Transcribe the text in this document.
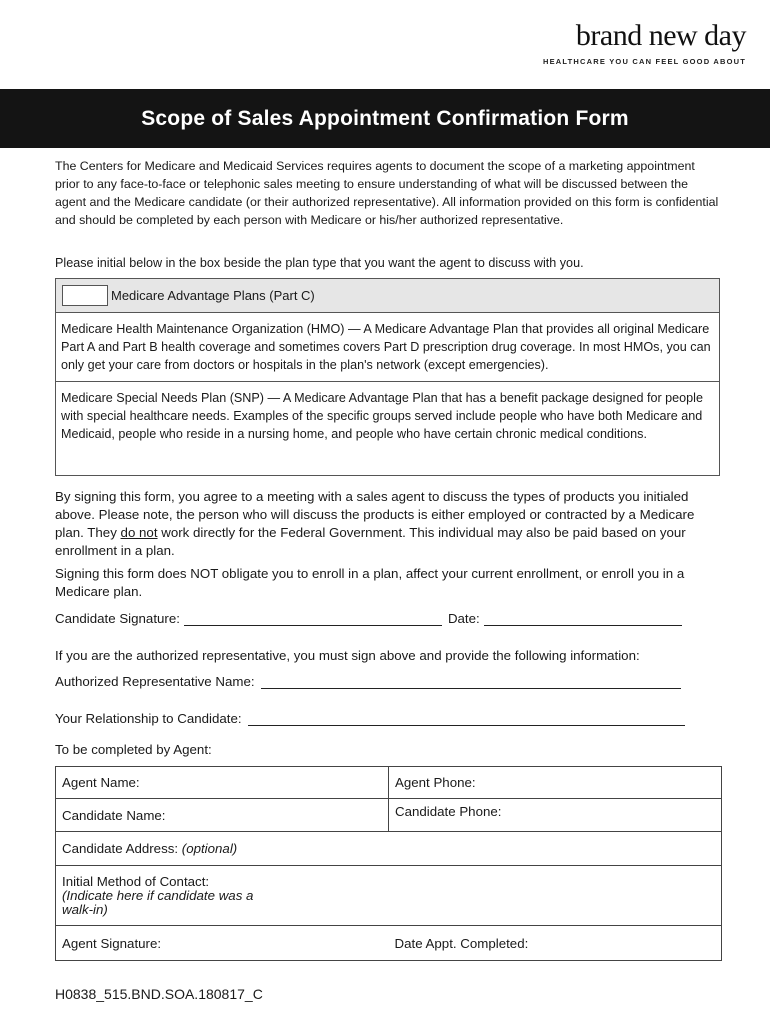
brand new day
HEALTHCARE YOU CAN FEEL GOOD ABOUT
Scope of Sales Appointment Confirmation Form

The Centers for Medicare and Medicaid Services requires agents to document the scope of a marketing appointment prior to any face-to-face or telephonic sales meeting to ensure understanding of what will be discussed between the agent and the Medicare candidate (or their authorized representative). All information provided on this form is confidential and should be completed by each person with Medicare or his/her authorized representative.

Please initial below in the box beside the plan type that you want the agent to discuss with you.

Medicare Advantage Plans (Part C)
Medicare Health Maintenance Organization (HMO) — A Medicare Advantage Plan that provides all original Medicare Part A and Part B health coverage and sometimes covers Part D prescription drug coverage. In most HMOs, you can only get your care from doctors or hospitals in the plan's network (except emergencies).
Medicare Special Needs Plan (SNP) — A Medicare Advantage Plan that has a benefit package designed for people with special healthcare needs. Examples of the specific groups served include people who have both Medicare and Medicaid, people who reside in a nursing home, and people who have certain chronic medical conditions.

By signing this form, you agree to a meeting with a sales agent to discuss the types of products you initialed above. Please note, the person who will discuss the products is either employed or contracted by a Medicare plan. They do not work directly for the Federal Government. This individual may also be paid based on your enrollment in a plan.

Signing this form does NOT obligate you to enroll in a plan, affect your current enrollment, or enroll you in a Medicare plan.

Candidate Signature:	Date:

If you are the authorized representative, you must sign above and provide the following information:

Authorized Representative Name:
Your Relationship to Candidate:

To be completed by Agent:

Agent Name:	Agent Phone:
Candidate Name:	Candidate Phone:
Candidate Address: (optional)	

Initial Method of Contact:
(Indicate here if candidate was a walk-in)	

Agent Signature:	Date Appt. Completed:
H0838_515.BND.SOA.180817_C
